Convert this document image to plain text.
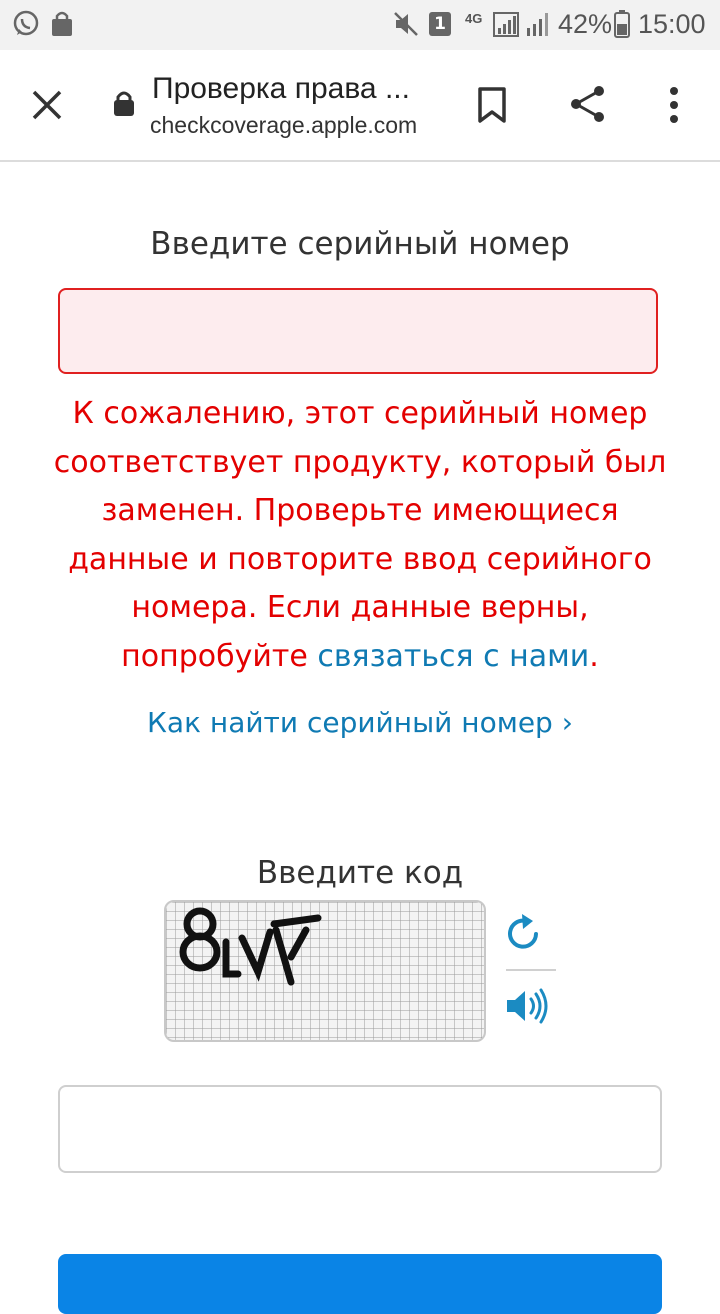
1	4G	42% 15:00
Проверка права ...
checkcoverage.apple.com
Введите серийный номер
К сожалению, этот серийный номер соответствует продукту, который был заменен. Проверьте имеющиеся данные и повторите ввод серийного номера. Если данные верны, попробуйте связаться с нами.
Как найти серийный номер ›
Введите код
